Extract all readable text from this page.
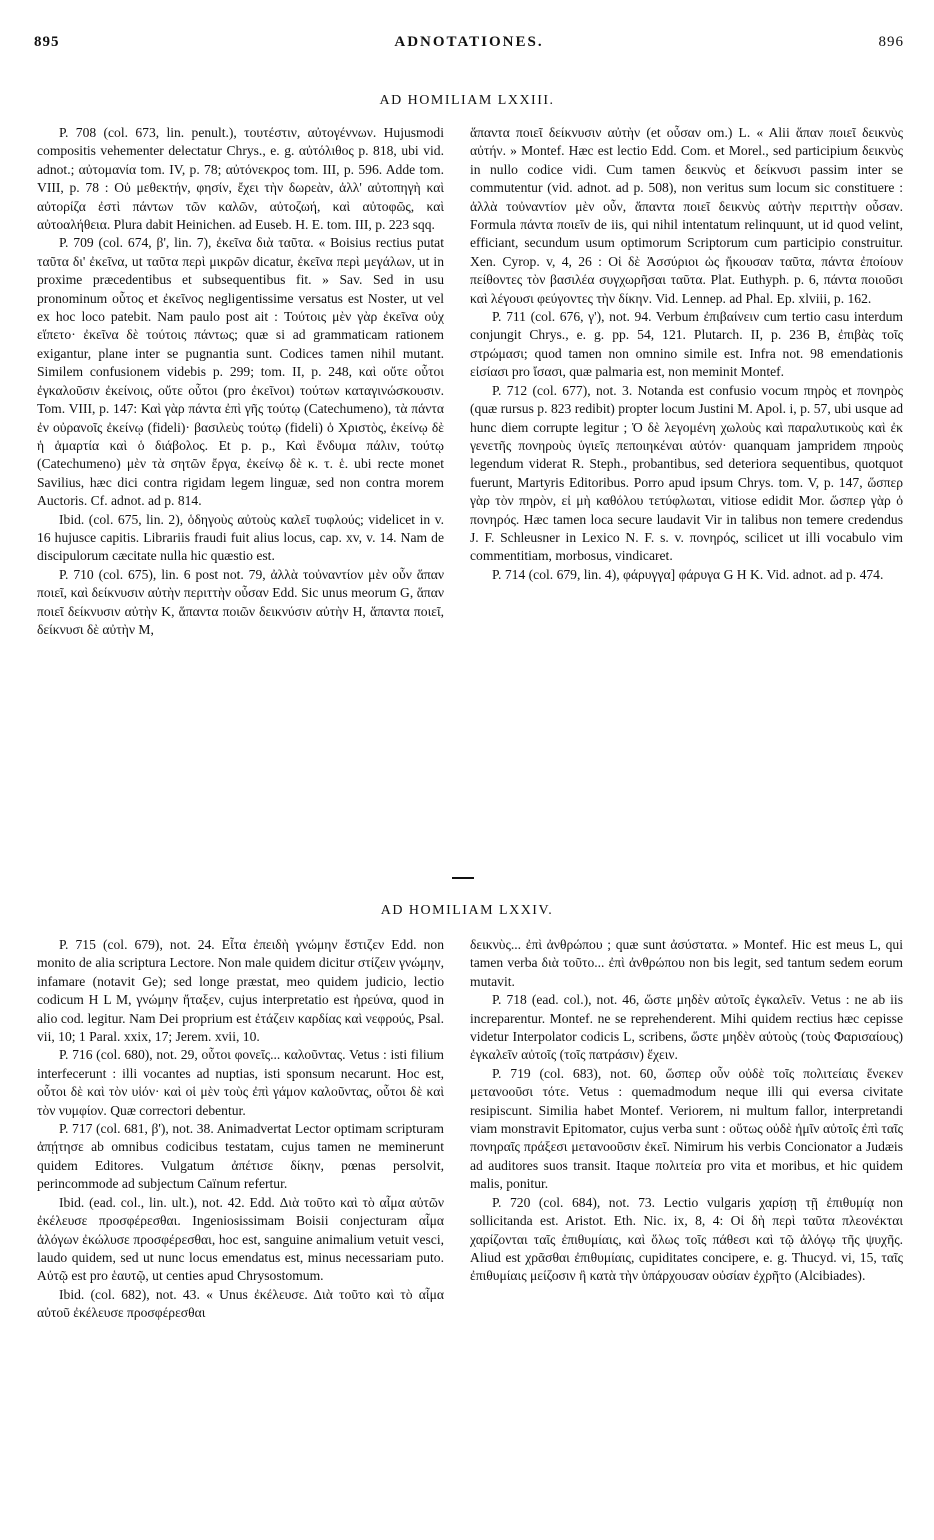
895	ADNOTATIONES.	896
AD HOMILIAM LXXIII.

P. 708 (col. 673, lin. penult.), τουτέστιν, αὐτογέννων. Hujusmodi compositis vehementer delectatur Chrys., e. g. αὐτόλιθος p. 818, ubi vid. adnot.; αὐτομανία tom. IV, p. 78; αὐτόνεκρος tom. III, p. 596. Adde tom. VIII, p. 78 : Οὐ μεθεκτήν, φησίν, ἔχει τὴν δωρεὰν, ἀλλ' αὐτοπηγὴ καὶ αὐτορίζα ἐστὶ πάντων τῶν καλῶν, αὐτοζωή, καὶ αὐτοφῶς, καὶ αὐτοαλήθεια. Plura dabit Heinichen. ad Euseb. H. E. tom. III, p. 223 sqq.

P. 709 (col. 674, β', lin. 7), ἐκεῖνα διὰ ταῦτα. « Boisius rectius putat ταῦτα δι' ἐκεῖνα, ut ταῦτα περὶ μικρῶν dicatur, ἐκεῖνα περὶ μεγάλων, ut in proxime præcedentibus et subsequentibus fit. » Sav. Sed in usu pronominum οὗτος et ἐκεῖνος negligentissime versatus est Noster, ut vel ex hoc loco patebit. Nam paulo post ait : Τούτοις μὲν γὰρ ἐκεῖνα οὐχ εἵπετο· ἐκεῖνα δὲ τούτοις πάντως; quæ si ad grammaticam rationem exigantur, plane inter se pugnantia sunt. Codices tamen nihil mutant. Similem confusionem videbis p. 299; tom. II, p. 248, καὶ οὔτε οὗτοι ἐγκαλοῦσιν ἐκείνοις, οὔτε οὗτοι (pro ἐκεῖνοι) τούτων καταγινώσκουσιν. Tom. VIII, p. 147: Καὶ γὰρ πάντα ἐπὶ γῆς τούτῳ (Catechumeno), τὰ πάντα ἐν οὐρανοῖς ἐκείνῳ (fideli)· βασιλεὺς τούτῳ (fideli) ὁ Χριστὸς, ἐκείνῳ δὲ ἡ ἁμαρτία καὶ ὁ διάβολος. Et p. p., Καὶ ἔνδυμα πάλιν, τούτῳ (Catechumeno) μὲν τὰ σητῶν ἔργα, ἐκείνῳ δὲ κ. τ. ἑ. ubi recte monet Savilius, hæc dici contra rigidam legem linguæ, sed non contra morem Auctoris. Cf. adnot. ad p. 814.

Ibid. (col. 675, lin. 2), ὁδηγοὺς αὐτοὺς καλεῖ τυφλούς; videlicet in v. 16 hujusce capitis. Librariis fraudi fuit alius locus, cap. xv, v. 14. Nam de discipulorum cæcitate nulla hic quæstio est.

P. 710 (col. 675), lin. 6 post not. 79, ἀλλὰ τοὐναντίον μὲν οὖν ἅπαν ποιεῖ, καὶ δείκνυσιν αὐτὴν περιττὴν οὖσαν Edd. Sic unus meorum G, ἅπαν ποιεῖ δείκνυσιν αὐτὴν K, ἅπαντα ποιῶν δεικνύσιν αὐτὴν H, ἅπαντα ποιεῖ, δείκνυσι δὲ αὐτὴν M,

ἅπαντα ποιεῖ δείκνυσιν αὐτὴν (et οὖσαν om.) L. « Alii ἅπαν ποιεῖ δεικνὺς αὐτήν. » Montef. Hæc est lectio Edd. Com. et Morel., sed participium δεικνὺς in nullo codice vidi. Cum tamen δεικνὺς et δείκνυσι passim inter se commutentur (vid. adnot. ad p. 508), non veritus sum locum sic constituere : ἀλλὰ τοὐναντίον μὲν οὖν, ἅπαντα ποιεῖ δεικνὺς αὐτὴν περιττὴν οὖσαν. Formula πάντα ποιεῖν de iis, qui nihil intentatum relinquunt, ut id quod velint, efficiant, secundum usum optimorum Scriptorum cum participio construitur. Xen. Cyrop. v, 4, 26 : Οἱ δὲ Ἀσσύριοι ὡς ἤκουσαν ταῦτα, πάντα ἐποίουν πείθοντες τὸν βασιλέα συγχωρῆσαι ταῦτα. Plat. Euthyph. p. 6, πάντα ποιοῦσι καὶ λέγουσι φεύγοντες τὴν δίκην. Vid. Lennep. ad Phal. Ep. xlviii, p. 162.

P. 711 (col. 676, γ'), not. 94. Verbum ἐπιβαίνειν cum tertio casu interdum conjungit Chrys., e. g. pp. 54, 121. Plutarch. II, p. 236 B, ἐπιβὰς τοῖς στρώμασι; quod tamen non omnino simile est. Infra not. 98 emendationis εἰσίασι pro ἴσασι, quæ palmaria est, non meminit Montef.

P. 712 (col. 677), not. 3. Notanda est confusio vocum πηρὸς et πονηρὸς (quæ rursus p. 823 redibit) propter locum Justini M. Apol. i, p. 57, ubi usque ad hunc diem corrupte legitur ; Ὁ δὲ λεγομένη χωλοὺς καὶ παραλυτικοὺς καὶ ἐκ γενετῆς πονηροὺς ὑγιεῖς πεποιηκέναι αὐτόν· quanquam jampridem πηροὺς legendum viderat R. Steph., probantibus, sed deteriora sequentibus, quotquot fuerunt, Martyris Editoribus. Porro apud ipsum Chrys. tom. V, p. 147, ὥσπερ γὰρ τὸν πηρὸν, εἰ μὴ καθόλου τετύφλωται, vitiose edidit Mor. ὥσπερ γὰρ ὁ πονηρός. Hæc tamen loca secure laudavit Vir in talibus non temere credendus J. F. Schleusner in Lexico N. F. s. v. πονηρός, scilicet ut illi vocabulo vim commentitiam, morbosus, vindicaret.

P. 714 (col. 679, lin. 4), φάρυγγα] φάρυγα G H K. Vid. adnot. ad p. 474.

AD HOMILIAM LXXIV.

P. 715 (col. 679), not. 24. Εἶτα ἐπειδὴ γνώμην ἔστιζεν Edd. non monito de alia scriptura Lectore. Non male quidem dicitur στίζειν γνώμην, infamare (notavit Ge); sed longe præstat, meo quidem judicio, lectio codicum H L M, γνώμην ἤταξεν, cujus interpretatio est ἠρεύνα, quod in alio cod. legitur. Nam Dei proprium est ἐτάζειν καρδίας καὶ νεφρούς, Psal. vii, 10; 1 Paral. xxix, 17; Jerem. xvii, 10.

P. 716 (col. 680), not. 29, οὗτοι φονεῖς... καλοῦντας. Vetus : isti filium interfecerunt : illi vocantes ad nuptias, isti sponsum necarunt. Hoc est, οὗτοι δὲ καὶ τὸν υἱόν· καὶ οἱ μὲν τοὺς ἐπὶ γάμον καλοῦντας, οὗτοι δὲ καὶ τὸν νυμφίον. Quæ correctori debentur.

P. 717 (col. 681, β'), not. 38. Animadvertat Lector optimam scripturam ἀπῄτησε ab omnibus codicibus testatam, cujus tamen ne meminerunt quidem Editores. Vulgatum ἀπέτισε δίκην, pœnas persolvit, perincommode ad subjectum Caïnum refertur.

Ibid. (ead. col., lin. ult.), not. 42. Edd. Διὰ τοῦτο καὶ τὸ αἷμα αὐτῶν ἐκέλευσε προσφέρεσθαι. Ingeniosissimam Boisii conjecturam αἷμα ἀλόγων ἐκώλυσε προσφέρεσθαι, hoc est, sanguine animalium vetuit vesci, laudo quidem, sed ut nunc locus emendatus est, minus necessariam puto. Αὐτῷ est pro ἑαυτῷ, ut centies apud Chrysostomum.

Ibid. (col. 682), not. 43. « Unus ἐκέλευσε. Διὰ τοῦτο καὶ τὸ αἷμα αὐτοῦ ἐκέλευσε προσφέρεσθαι

δεικνὺς... ἐπὶ ἀνθρώπου ; quæ sunt ἀσύστατα. » Montef. Hic est meus L, qui tamen verba διὰ τοῦτο... ἐπὶ ἀνθρώπου non bis legit, sed tantum sedem eorum mutavit.

P. 718 (ead. col.), not. 46, ὥστε μηδὲν αὐτοῖς ἐγκαλεῖν. Vetus : ne ab iis increparentur. Montef. ne se reprehenderent. Mihi quidem rectius hæc cepisse videtur Interpolator codicis L, scribens, ὥστε μηδὲν αὐτοὺς (τοὺς Φαρισαίους) ἐγκαλεῖν αὐτοῖς (τοῖς πατράσιν) ἔχειν.

P. 719 (col. 683), not. 60, ὥσπερ οὖν οὐδὲ τοῖς πολιτείαις ἕνεκεν μετανοοῦσι τότε. Vetus : quemadmodum neque illi qui eversa civitate resipiscunt. Similia habet Montef. Veriorem, ni multum fallor, interpretandi viam monstravit Epitomator, cujus verba sunt : οὕτως οὐδὲ ἡμῖν αὐτοῖς ἐπὶ ταῖς πονηραῖς πράξεσι μετανοοῦσιν ἐκεῖ. Nimirum his verbis Concionator a Judæis ad auditores suos transit. Itaque πολιτεία pro vita et moribus, et hic quidem malis, ponitur.

P. 720 (col. 684), not. 73. Lectio vulgaris χαρίσῃ τῇ ἐπιθυμίᾳ non sollicitanda est. Aristot. Eth. Nic. ix, 8, 4: Οἱ δὴ περὶ ταῦτα πλεονέκται χαρίζονται ταῖς ἐπιθυμίαις, καὶ ὅλως τοῖς πάθεσι καὶ τῷ ἀλόγῳ τῆς ψυχῆς. Aliud est χρᾶσθαι ἐπιθυμίαις, cupiditates concipere, e. g. Thucyd. vi, 15, ταῖς ἐπιθυμίαις μείζοσιν ἢ κατὰ τὴν ὑπάρχουσαν οὐσίαν ἐχρῆτο (Alcibiades).
